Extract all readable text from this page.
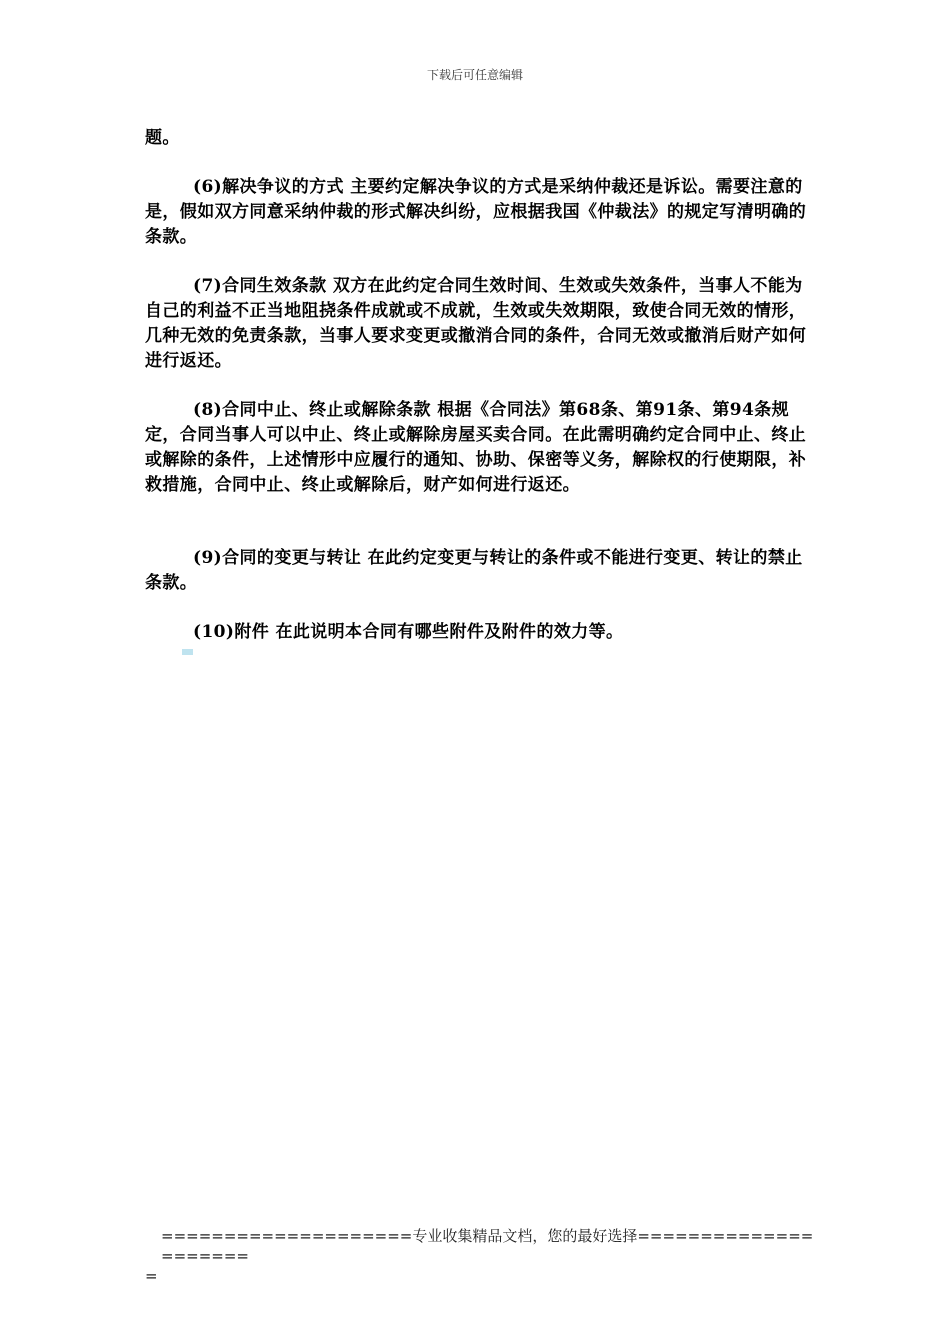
下载后可任意编辑

题。

(6)解决争议的方式 主要约定解决争议的方式是采纳仲裁还是诉讼。需要注意的是，假如双方同意采纳仲裁的形式解决纠纷，应根据我国《仲裁法》的规定写清明确的条款。

(7)合同生效条款 双方在此约定合同生效时间、生效或失效条件，当事人不能为自己的利益不正当地阻挠条件成就或不成就，生效或失效期限，致使合同无效的情形，几种无效的免责条款，当事人要求变更或撤消合同的条件，合同无效或撤消后财产如何进行返还。

(8)合同中止、终止或解除条款 根据《合同法》第68条、第91条、第94条规定，合同当事人可以中止、终止或解除房屋买卖合同。在此需明确约定合同中止、终止或解除的条件，上述情形中应履行的通知、协助、保密等义务，解除权的行使期限，补救措施，合同中止、终止或解除后，财产如何进行返还。

(9)合同的变更与转让 在此约定变更与转让的条件或不能进行变更、转让的禁止条款。

(10)附件 在此说明本合同有哪些附件及附件的效力等。

====================专业收集精品文档，您的最好选择=====================
=
